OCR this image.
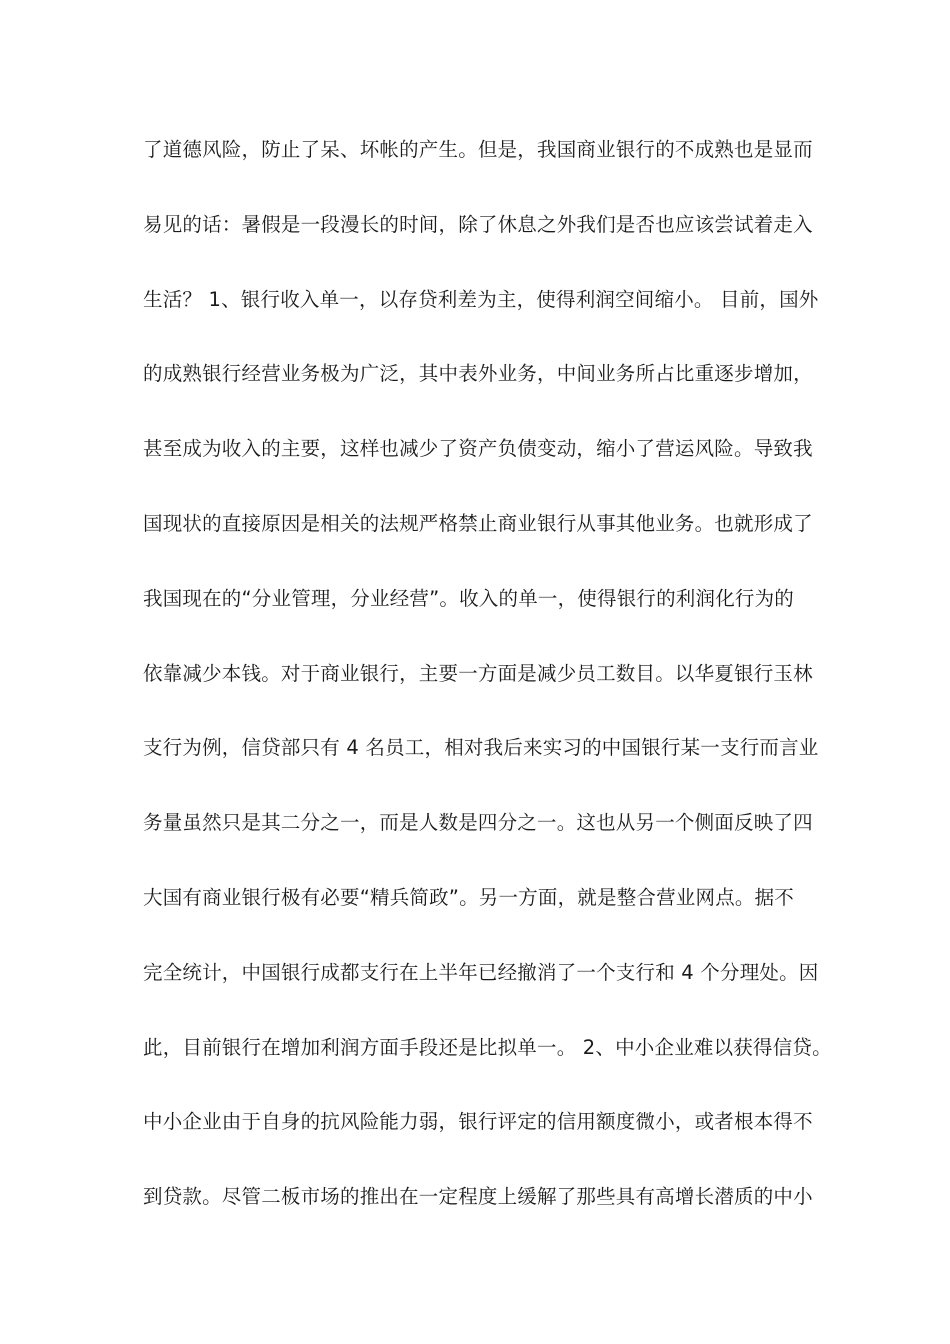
了道德风险，防止了呆、坏帐的产生。但是，我国商业银行的不成熟也是显而
易见的话：暑假是一段漫长的时间，除了休息之外我们是否也应该尝试着走入
生活？ 1、银行收入单一，以存贷利差为主，使得利润空间缩小。 目前，国外
的成熟银行经营业务极为广泛，其中表外业务，中间业务所占比重逐步增加，
甚至成为收入的主要，这样也减少了资产负债变动，缩小了营运风险。导致我
国现状的直接原因是相关的法规严格禁止商业银行从事其他业务。也就形成了
我国现在的“分业管理，分业经营”。收入的单一，使得银行的利润化行为的
依靠减少本钱。对于商业银行，主要一方面是减少员工数目。以华夏银行玉林
支行为例，信贷部只有 4 名员工，相对我后来实习的中国银行某一支行而言业
务量虽然只是其二分之一，而是人数是四分之一。这也从另一个侧面反映了四
大国有商业银行极有必要“精兵简政”。另一方面，就是整合营业网点。据不
完全统计，中国银行成都支行在上半年已经撤消了一个支行和 4 个分理处。因
此，目前银行在增加利润方面手段还是比拟单一。 2、中小企业难以获得信贷。
中小企业由于自身的抗风险能力弱，银行评定的信用额度微小，或者根本得不
到贷款。尽管二板市场的推出在一定程度上缓解了那些具有高增长潜质的中小
